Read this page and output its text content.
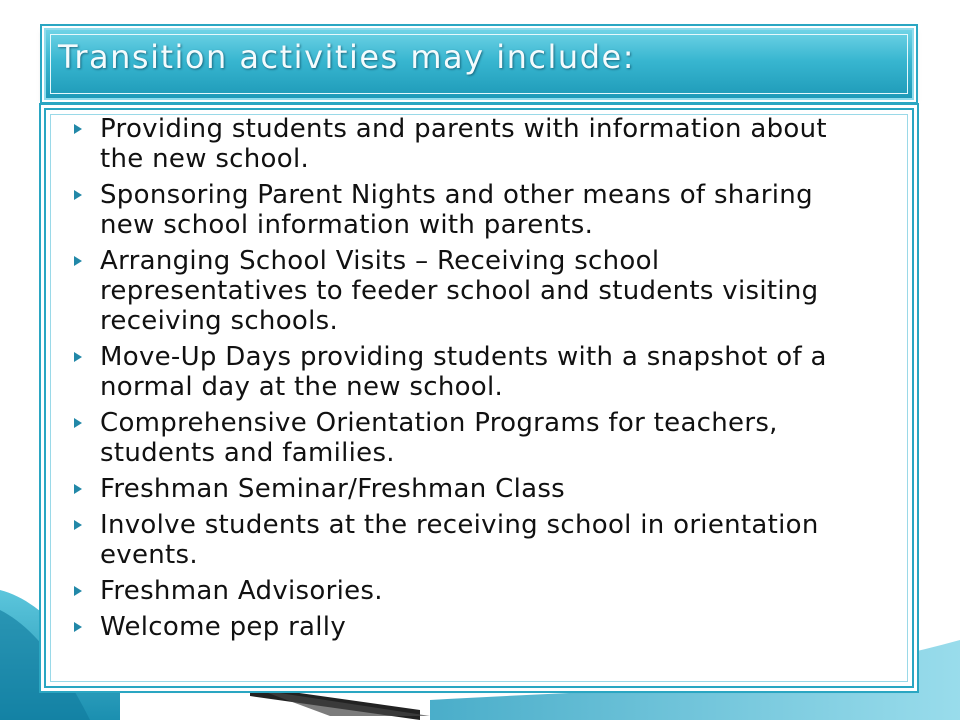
Transition activities may include:
Providing students and parents with information about the new school.
Sponsoring Parent Nights and other means of sharing new school information with parents.
Arranging School Visits – Receiving school representatives to feeder school and students visiting receiving schools.
Move-Up Days providing students with a snapshot of a normal day at the new school.
Comprehensive Orientation Programs for teachers, students and families.
Freshman Seminar/Freshman Class
Involve students at the receiving school in orientation events.
Freshman Advisories.
Welcome pep rally
